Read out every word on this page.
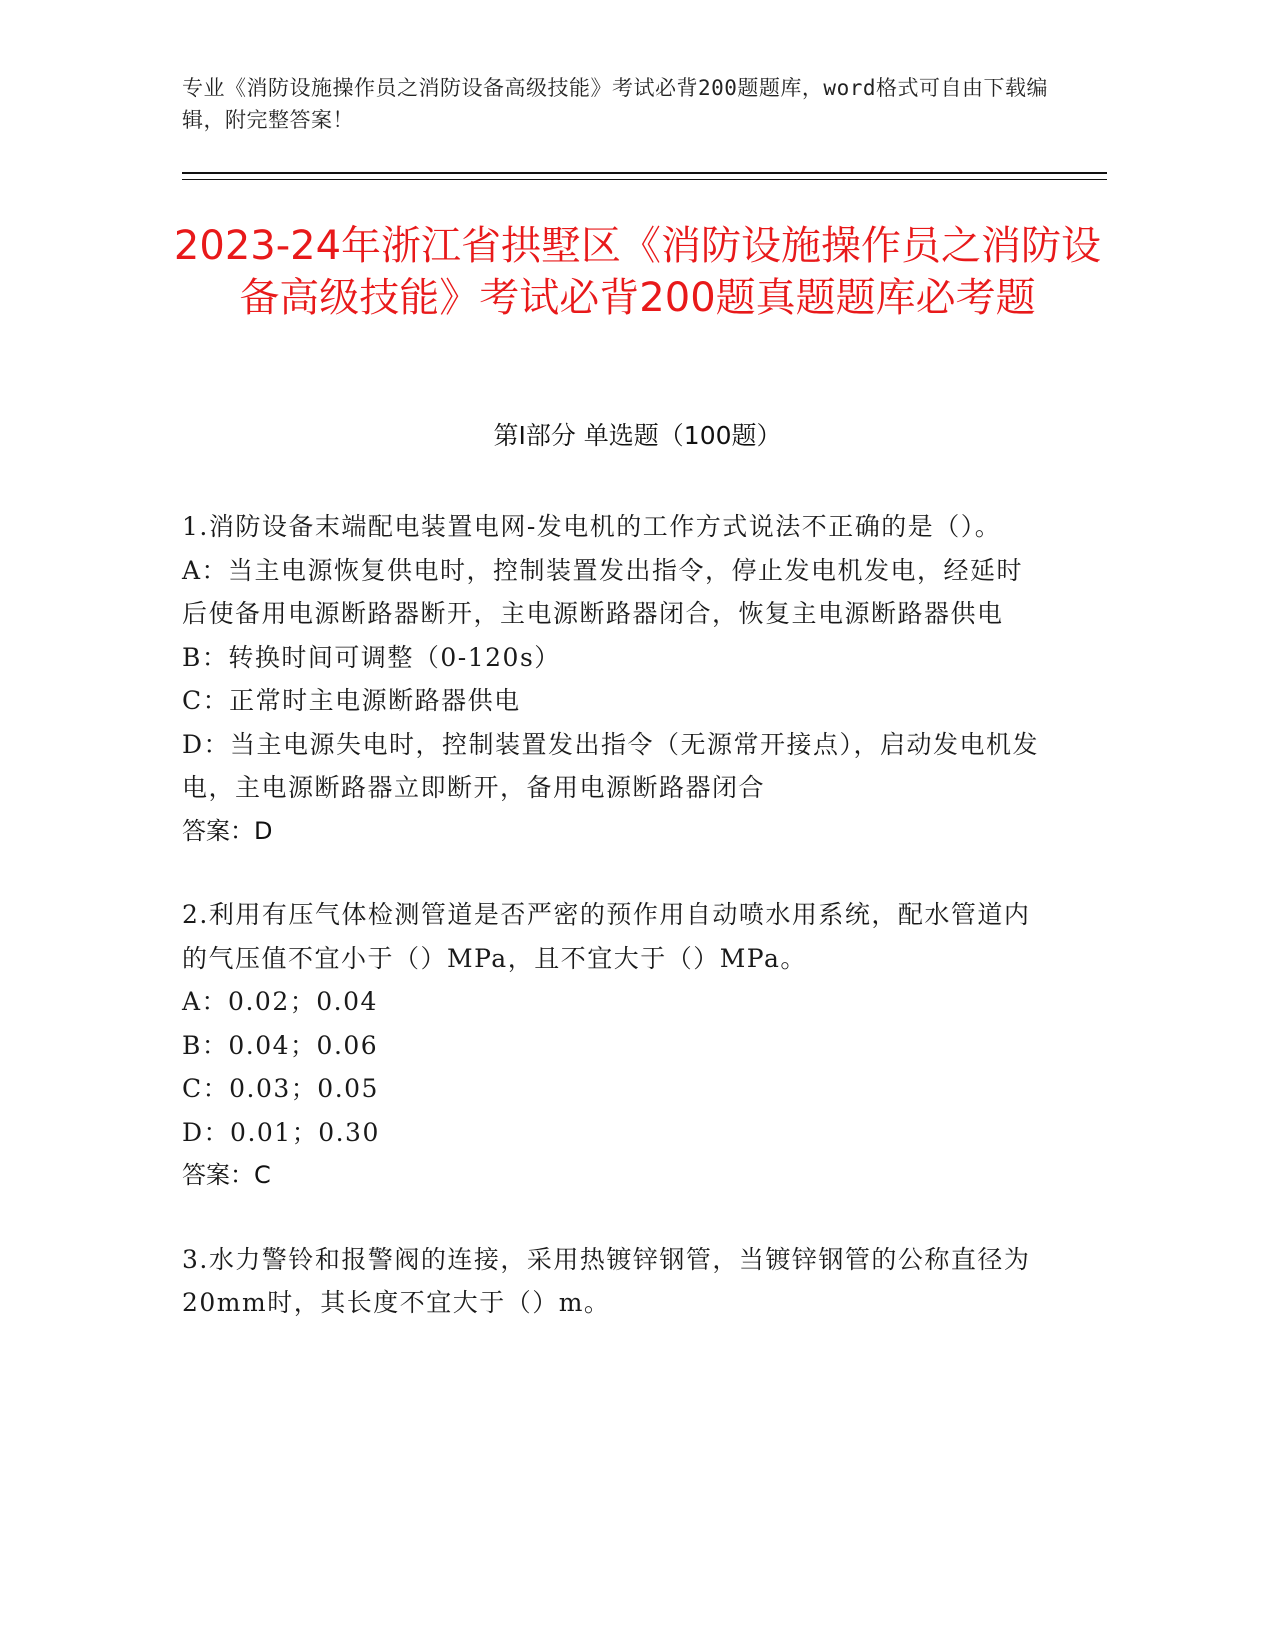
专业《消防设施操作员之消防设备高级技能》考试必背200题题库，word格式可自由下载编辑，附完整答案！
2023-24年浙江省拱墅区《消防设施操作员之消防设备高级技能》考试必背200题真题题库必考题
第I部分 单选题（100题）

1.消防设备末端配电装置电网-发电机的工作方式说法不正确的是（）。

A：当主电源恢复供电时，控制装置发出指令，停止发电机发电，经延时后使备用电源断路器断开，主电源断路器闭合，恢复主电源断路器供电

B：转换时间可调整（0-120s）

C：正常时主电源断路器供电

D：当主电源失电时，控制装置发出指令（无源常开接点），启动发电机发电，主电源断路器立即断开，备用电源断路器闭合

答案：D

2.利用有压气体检测管道是否严密的预作用自动喷水用系统，配水管道内的气压值不宜小于（）MPa，且不宜大于（）MPa。

A：0.02；0.04

B：0.04；0.06

C：0.03；0.05

D：0.01；0.30

答案：C

3.水力警铃和报警阀的连接，采用热镀锌钢管，当镀锌钢管的公称直径为20mm时，其长度不宜大于（）m。
